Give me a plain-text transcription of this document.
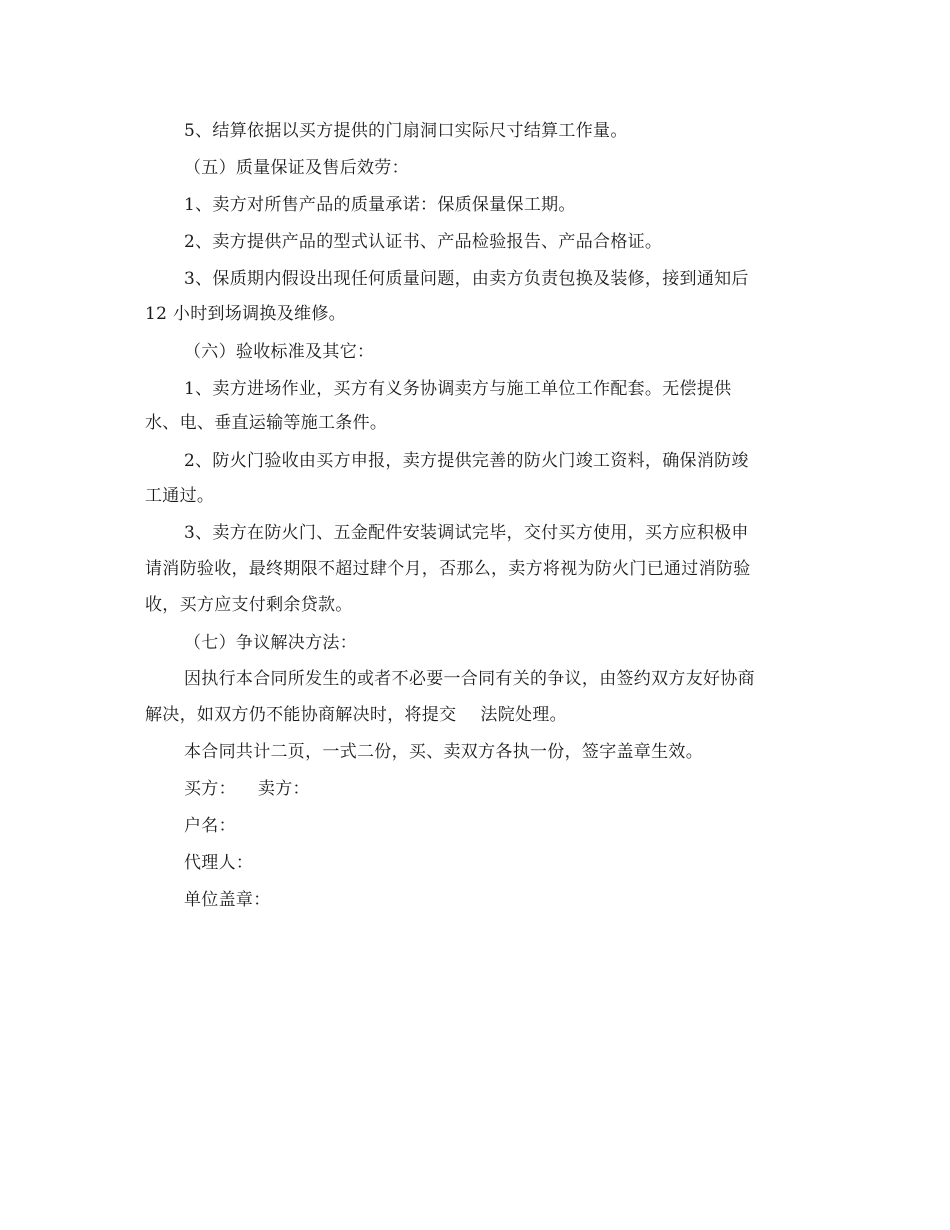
5、结算依据以买方提供的门扇洞口实际尺寸结算工作量。
（五）质量保证及售后效劳：
1、卖方对所售产品的质量承诺：保质保量保工期。
2、卖方提供产品的型式认证书、产品检验报告、产品合格证。
3、保质期内假设出现任何质量问题，由卖方负责包换及装修，接到通知后
12 小时到场调换及维修。
（六）验收标准及其它：
1、卖方进场作业，买方有义务协调卖方与施工单位工作配套。无偿提供
水、电、垂直运输等施工条件。
2、防火门验收由买方申报，卖方提供完善的防火门竣工资料，确保消防竣
工通过。
3、卖方在防火门、五金配件安装调试完毕，交付买方使用，买方应积极申
请消防验收，最终期限不超过肆个月，否那么，卖方将视为防火门已通过消防验
收，买方应支付剩余贷款。
（七）争议解决方法：
因执行本合同所发生的或者不必要一合同有关的争议，由签约双方友好协商
解决，如双方仍不能协商解决时，将提交 法院处理。
本合同共计二页，一式二份，买、卖双方各执一份，签字盖章生效。
买方： 卖方：
户名：
代理人：
单位盖章：
